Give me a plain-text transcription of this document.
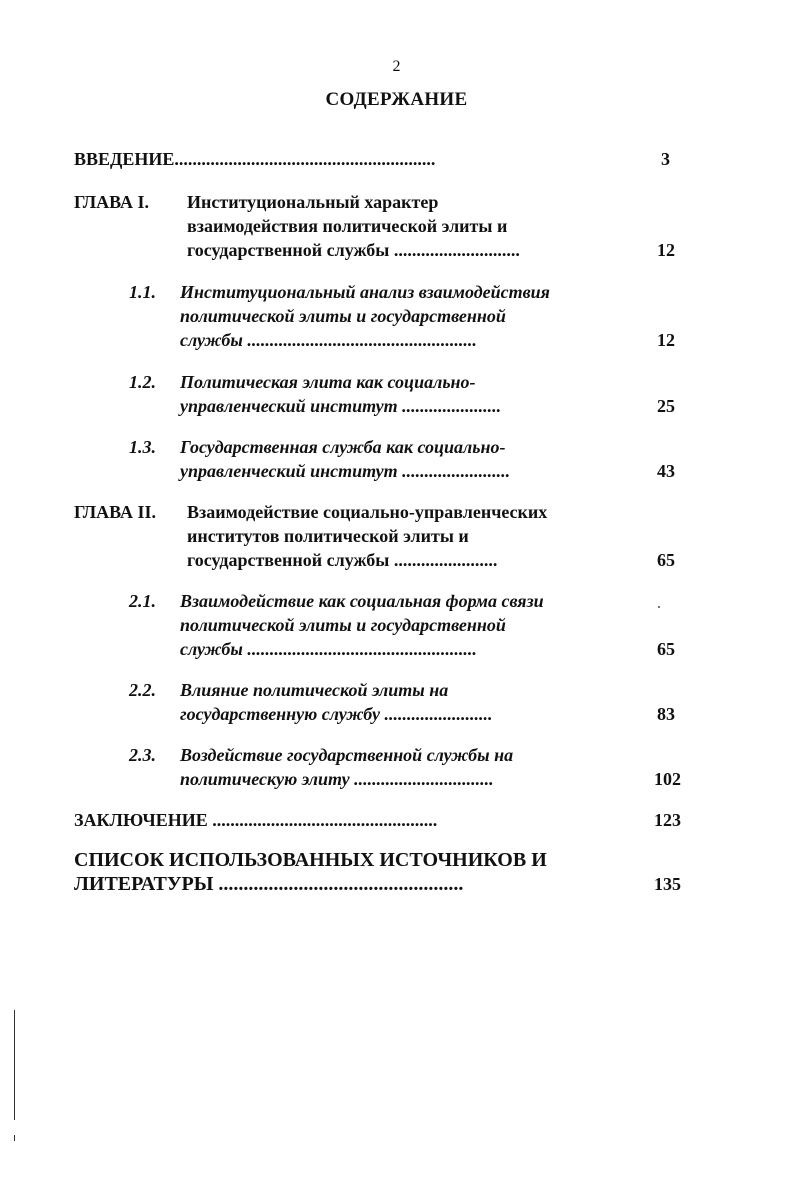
2
СОДЕРЖАНИЕ
ВВЕДЕНИЕ..........................................................	3
ГЛАВА I. Институциональный характер
взаимодействия политической элиты и
государственной службы ............................	12
1.1. Институциональный анализ взаимодействия
политической элиты и государственной
службы ...................................................	12
1.2. Политическая элита как социально-
управленческий институт ......................	25
1.3. Государственная служба как социально-
управленческий институт ........................	43
ГЛАВА II. Взаимодействие социально-управленческих
институтов политической элиты и
государственной службы .......................	65
2.1. Взаимодействие как социальная форма связи
политической элиты и государственной
службы ...................................................	65
2.2. Влияние политической элиты на
государственную службу ........................	83
2.3. Воздействие государственной службы на
политическую элиту ...............................	102
ЗАКЛЮЧЕНИЕ ..................................................	123
СПИСОК ИСПОЛЬЗОВАННЫХ ИСТОЧНИКОВ И
ЛИТЕРАТУРЫ .................................................	135
